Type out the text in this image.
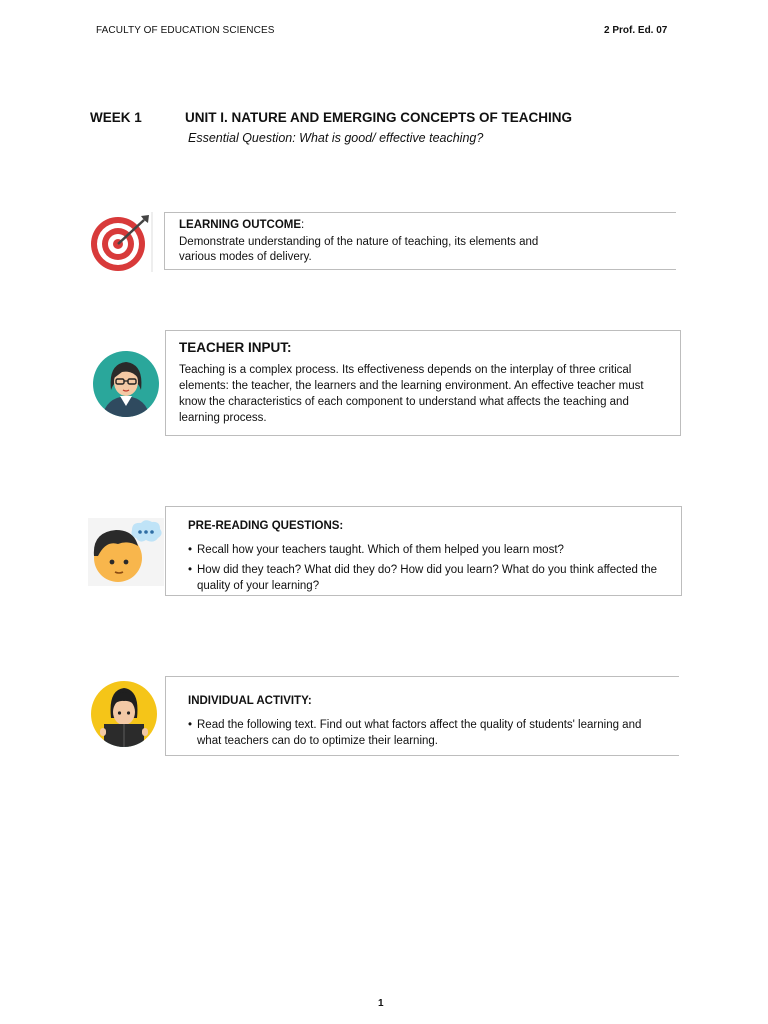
FACULTY OF EDUCATION SCIENCES	2 Prof. Ed. 07
WEEK 1	UNIT I. NATURE AND EMERGING CONCEPTS OF TEACHING
Essential Question: What is good/ effective teaching?
LEARNING OUTCOME:
Demonstrate understanding of the nature of teaching, its elements and
various modes of delivery.
TEACHER INPUT:
Teaching is a complex process. Its effectiveness depends on the interplay of three critical elements: the teacher, the learners and the learning environment. An effective teacher must know the characteristics of each component to understand what affects the teaching and learning process.
PRE-READING QUESTIONS:
• Recall how your teachers taught. Which of them helped you learn most?
• How did they teach? What did they do? How did you learn? What do you think affected the quality of your learning?
INDIVIDUAL ACTIVITY:
• Read the following text. Find out what factors affect the quality of students' learning and what teachers can do to optimize their learning.
1
